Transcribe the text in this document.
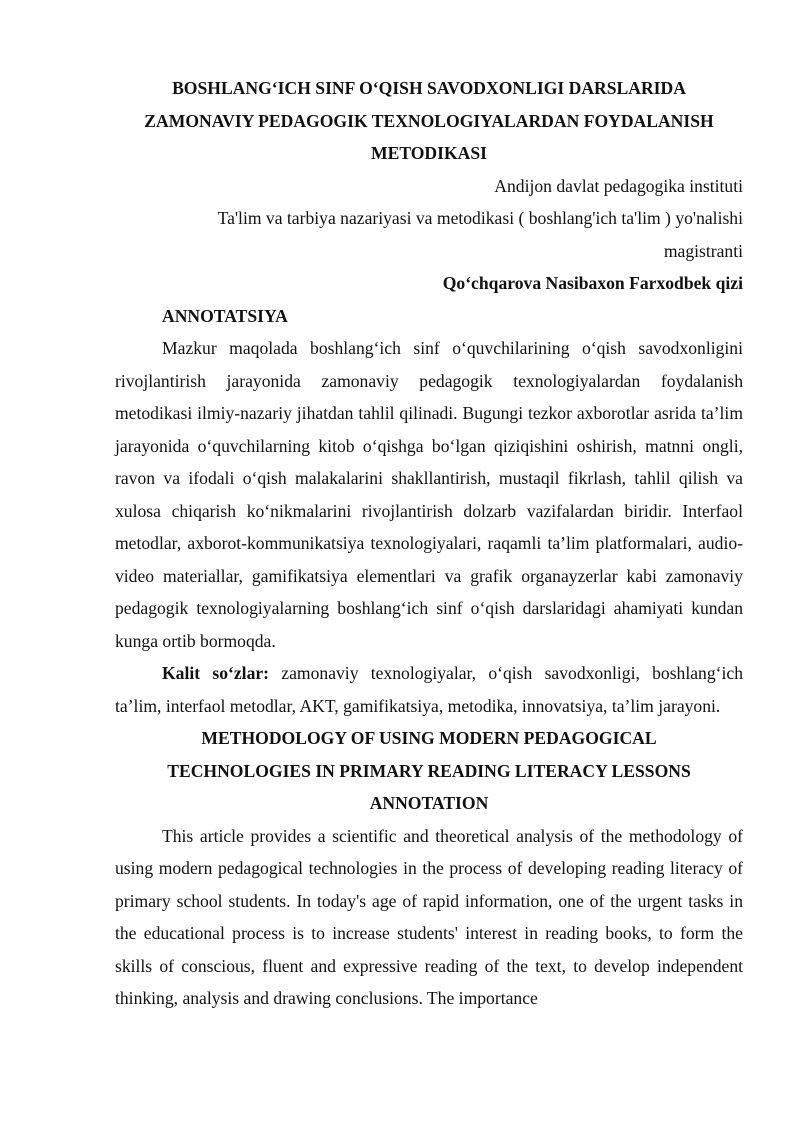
BOSHLANG‘ICH SINF O‘QISH SAVODXONLIGI DARSLARIDA

ZAMONAVIY PEDAGOGIK TEXNOLOGIYALARDAN FOYDALANISH

METODIKASI

Andijon davlat pedagogika instituti

Ta'lim va tarbiya nazariyasi va metodikasi ( boshlang'ich ta'lim ) yo'nalishi

magistranti

Qo‘chqarova Nasibaxon Farxodbek qizi

ANNOTATSIYA

Mazkur maqolada boshlang‘ich sinf o‘quvchilarining o‘qish savodxonligini rivojlantirish jarayonida zamonaviy pedagogik texnologiyalardan foydalanish metodikasi ilmiy-nazariy jihatdan tahlil qilinadi. Bugungi tezkor axborotlar asrida ta’lim jarayonida o‘quvchilarning kitob o‘qishga bo‘lgan qiziqishini oshirish, matnni ongli, ravon va ifodali o‘qish malakalarini shakllantirish, mustaqil fikrlash, tahlil qilish va xulosa chiqarish ko‘nikmalarini rivojlantirish dolzarb vazifalardan biridir. Interfaol metodlar, axborot-kommunikatsiya texnologiyalari, raqamli ta’lim platformalari, audio-video materiallar, gamifikatsiya elementlari va grafik organayzerlar kabi zamonaviy pedagogik texnologiyalarning boshlang‘ich sinf o‘qish darslaridagi ahamiyati kundan kunga ortib bormoqda.

Kalit so‘zlar: zamonaviy texnologiyalar, o‘qish savodxonligi, boshlang‘ich ta’lim, interfaol metodlar, AKT, gamifikatsiya, metodika, innovatsiya, ta’lim jarayoni.

METHODOLOGY OF USING MODERN PEDAGOGICAL

TECHNOLOGIES IN PRIMARY READING LITERACY LESSONS

ANNOTATION

This article provides a scientific and theoretical analysis of the methodology of using modern pedagogical technologies in the process of developing reading literacy of primary school students. In today's age of rapid information, one of the urgent tasks in the educational process is to increase students' interest in reading books, to form the skills of conscious, fluent and expressive reading of the text, to develop independent thinking, analysis and drawing conclusions. The importance
